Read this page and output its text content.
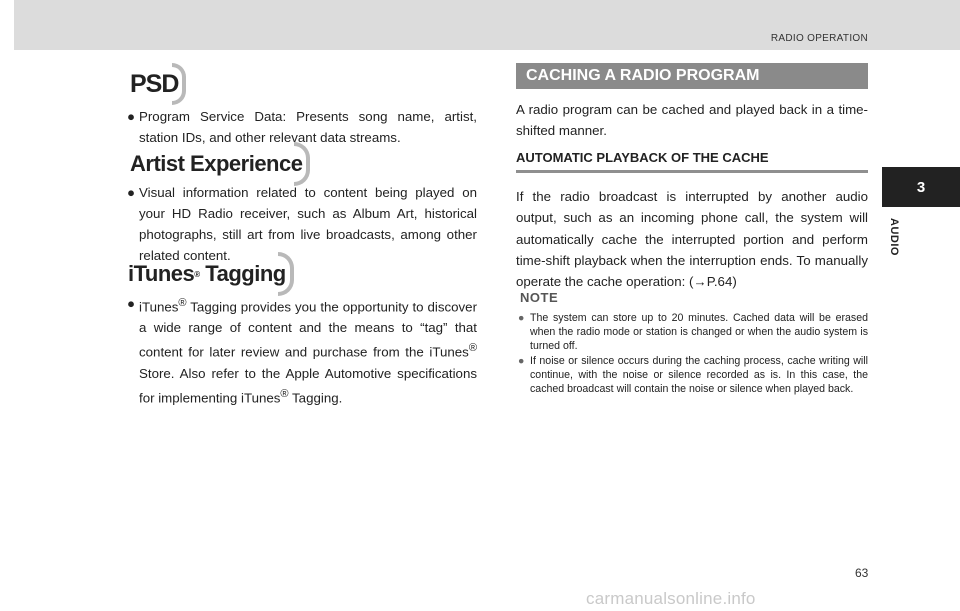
RADIO OPERATION
3
AUDIO
PSD
● Program Service Data: Presents song name, artist, station IDs, and other relevant data streams.
Artist Experience
● Visual information related to content being played on your HD Radio receiver, such as Album Art, historical photographs, still art from live broadcasts, among other related content.
iTunes ®
Tagging
● iTunes® Tagging provides you the opportunity to discover a wide range of content and the means to “tag” that content for later review and purchase from the iTunes® Store. Also refer to the Apple Automotive specifications for implementing iTunes® Tagging.
CACHING A RADIO PROGRAM
A radio program can be cached and played back in a time-shifted manner.
AUTOMATIC PLAYBACK OF THE CACHE
If the radio broadcast is interrupted by another audio output, such as an incoming phone call, the system will automatically cache the interrupted portion and perform time-shift playback when the interruption ends. To manually operate the cache operation: (→P.64)
NOTE
● The system can store up to 20 minutes. Cached data will be erased when the radio mode or station is changed or when the audio system is turned off.
● If noise or silence occurs during the caching process, cache writing will continue, with the noise or silence recorded as is. In this case, the cached broadcast will contain the noise or silence when played back.
63
carmanualsonline.info
